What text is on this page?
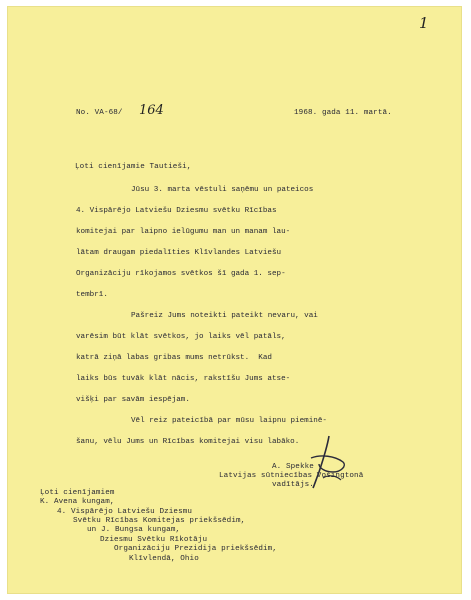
1
No. VA-68/ 164	1968. gada 11. martā.
Ļoti cienījamie Tautieši,
Jūsu 3. marta vēstuli saņēmu un pateicos
4. Vispārējo Latviešu Dziesmu svētku Rīcības
komitejai par laipno ielūgumu man un manam lau-
lātam draugam piedalīties Klīvlandes Latviešu
Organizāciju rīkojamos svētkos šī gada 1. sep-
tembrī.
Pašreiz Jums noteikti pateikt nevaru, vai
varēsim būt klāt svētkos, jo laiks vēl patāls,
katrā ziņā labas gribas mums netrūkst.  Kad
laiks būs tuvāk klāt nācis, rakstīšu Jums atse-
višķi par savām iespējam.
Vēl reiz pateicībā par mūsu laipnu pieminē-
šanu, vēlu Jums un Rīcības komitejai visu labāko.
A. Spekke
Latvijas sūtniecības Vošingtonā
vadītājs.
Ļoti cienījamiem
K. Avena kungam,
4. Vispārējo Latviešu Dziesmu
Svētku Rīcības Komitejas priekšsēdim,
un J. Bungsa kungam,
Dziesmu Svētku Rīkotāju
Organizāciju Prezidija priekšsēdim,
Klīvlendā, Ohio
